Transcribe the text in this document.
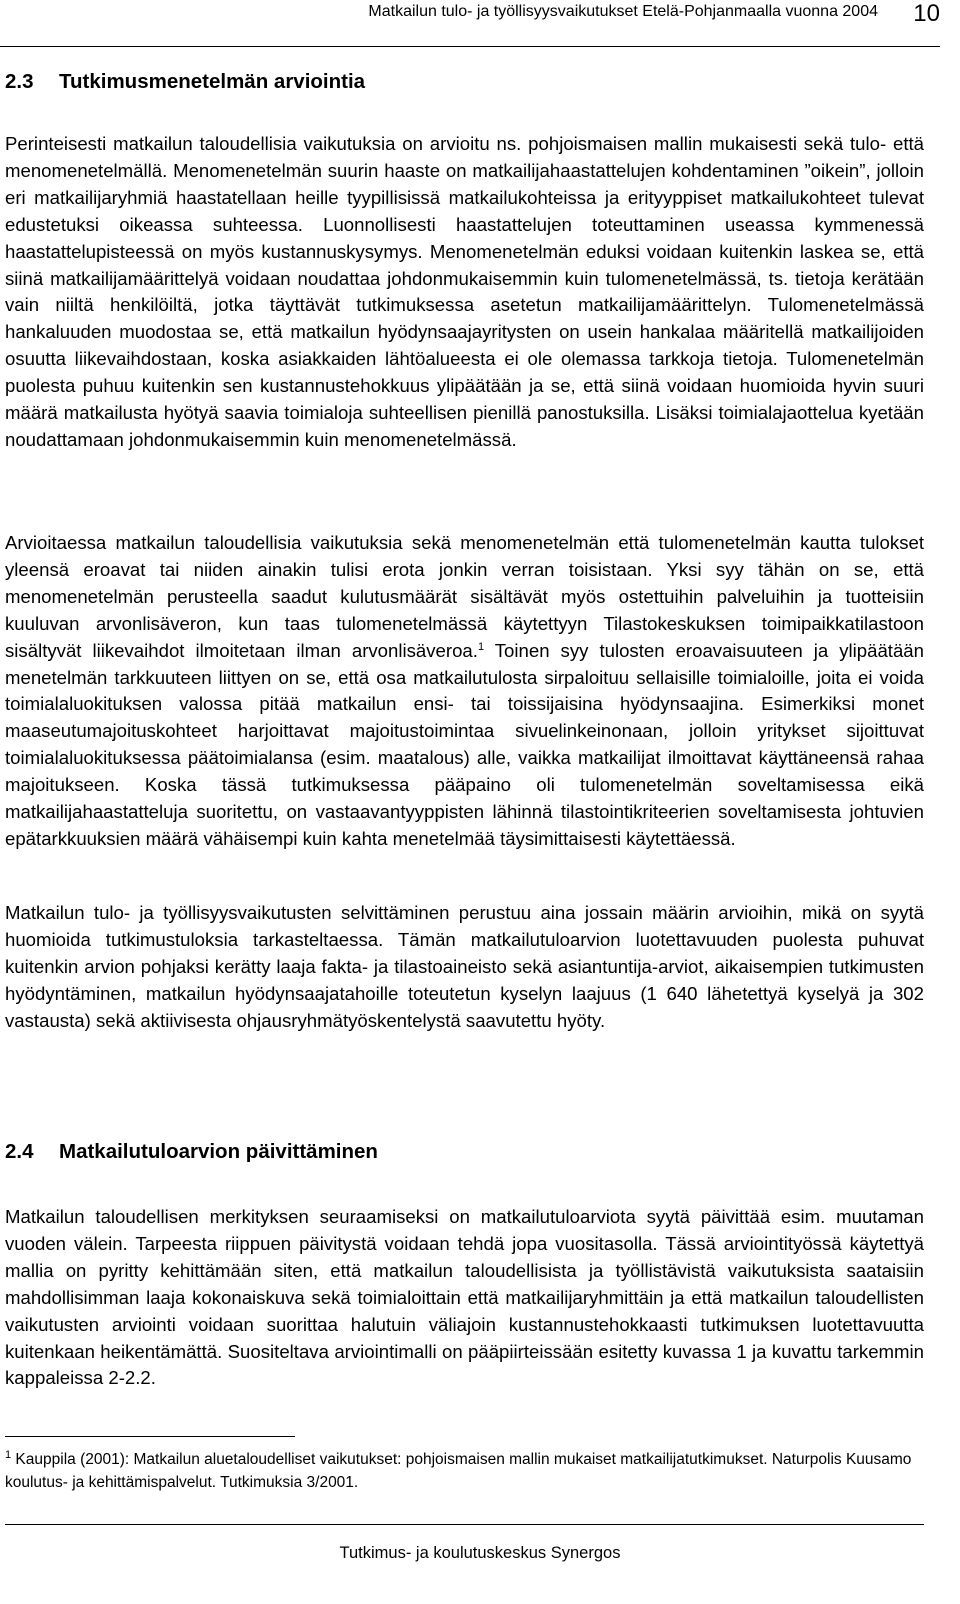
Matkailun tulo- ja työllisyysvaikutukset Etelä-Pohjanmaalla vuonna 2004 10
2.3 Tutkimusmenetelmän arviointia

Perinteisesti matkailun taloudellisia vaikutuksia on arvioitu ns. pohjoismaisen mallin mukaisesti sekä tulo- että menomenetelmällä. Menomenetelmän suurin haaste on matkailijahaastattelujen kohdentaminen ”oikein”, jolloin eri matkailijaryhmiä haastatellaan heille tyypillisissä matkailukohteissa ja erityyppiset matkailukohteet tulevat edustetuksi oikeassa suhteessa. Luonnollisesti haastattelujen toteuttaminen useassa kymmenessä haastattelupisteessä on myös kustannuskysymys. Menomenetelmän eduksi voidaan kuitenkin laskea se, että siinä matkailijamäärittelyä voidaan noudattaa johdonmukaisemmin kuin tulomenetelmässä, ts. tietoja kerätään vain niiltä henkilöiltä, jotka täyttävät tutkimuksessa asetetun matkailijamäärittelyn. Tulomenetelmässä hankaluuden muodostaa se, että matkailun hyödynsaajayritysten on usein hankalaa määritellä matkailijoiden osuutta liikevaihdostaan, koska asiakkaiden lähtöalueesta ei ole olemassa tarkkoja tietoja. Tulomenetelmän puolesta puhuu kuitenkin sen kustannustehokkuus ylipäätään ja se, että siinä voidaan huomioida hyvin suuri määrä matkailusta hyötyä saavia toimialoja suhteellisen pienillä panostuksilla. Lisäksi toimialajaottelua kyetään noudattamaan johdonmukaisemmin kuin menomenetelmässä.

Arvioitaessa matkailun taloudellisia vaikutuksia sekä menomenetelmän että tulomenetelmän kautta tulokset yleensä eroavat tai niiden ainakin tulisi erota jonkin verran toisistaan. Yksi syy tähän on se, että menomenetelmän perusteella saadut kulutusmäärät sisältävät myös ostettuihin palveluihin ja tuotteisiin kuuluvan arvonlisäveron, kun taas tulomenetelmässä käytettyyn Tilastokeskuksen toimipaikkatilastoon sisältyvät liikevaihdot ilmoitetaan ilman arvonlisäveroa.$^1$ Toinen syy tulosten eroavaisuuteen ja ylipäätään menetelmän tarkkuuteen liittyen on se, että osa matkailutulosta sirpaloituu sellaisille toimialoille, joita ei voida toimialaluokituksen valossa pitää matkailun ensi- tai toissijaisina hyödynsaajina. Esimerkiksi monet maaseutumajoituskohteet harjoittavat majoitustoimintaa sivuelinkeinonaan, jolloin yritykset sijoittuvat toimialaluokituksessa päätoimialansa (esim. maatalous) alle, vaikka matkailijat ilmoittavat käyttäneensä rahaa majoitukseen. Koska tässä tutkimuksessa pääpaino oli tulomenetelmän soveltamisessa eikä matkailijahaastatteluja suoritettu, on vastaavantyyppisten lähinnä tilastointikriteerien soveltamisesta johtuvien epätarkkuuksien määrä vähäisempi kuin kahta menetelmää täysimittaisesti käytettäessä.

Matkailun tulo- ja työllisyysvaikutusten selvittäminen perustuu aina jossain määrin arvioihin, mikä on syytä huomioida tutkimustuloksia tarkasteltaessa. Tämän matkailutuloarvion luotettavuuden puolesta puhuvat kuitenkin arvion pohjaksi kerätty laaja fakta- ja tilastoaineisto sekä asiantuntija-arviot, aikaisempien tutkimusten hyödyntäminen, matkailun hyödynsaajatahoille toteutetun kyselyn laajuus (1 640 lähetettyä kyselyä ja 302 vastausta) sekä aktiivisesta ohjausryhmätyöskentelystä saavutettu hyöty.

2.4 Matkailutuloarvion päivittäminen

Matkailun taloudellisen merkityksen seuraamiseksi on matkailutuloarviota syytä päivittää esim. muutaman vuoden välein. Tarpeesta riippuen päivitystä voidaan tehdä jopa vuositasolla. Tässä arviointityössä käytettyä mallia on pyritty kehittämään siten, että matkailun taloudellisista ja työllistävistä vaikutuksista saataisiin mahdollisimman laaja kokonaiskuva sekä toimialoittain että matkailijaryhmittäin ja että matkailun taloudellisten vaikutusten arviointi voidaan suorittaa halutuin väliajoin kustannustehokkaasti tutkimuksen luotettavuutta kuitenkaan heikentämättä. Suositeltava arviointimalli on pääpiirteissään esitetty kuvassa 1 ja kuvattu tarkemmin kappaleissa 2-2.2.

$^1$ Kauppila (2001): Matkailun aluetaloudelliset vaikutukset: pohjoismaisen mallin mukaiset matkailijatutkimukset. Naturpolis Kuusamo koulutus- ja kehittämispalvelut. Tutkimuksia 3/2001.

Tutkimus- ja koulutuskeskus Synergos
